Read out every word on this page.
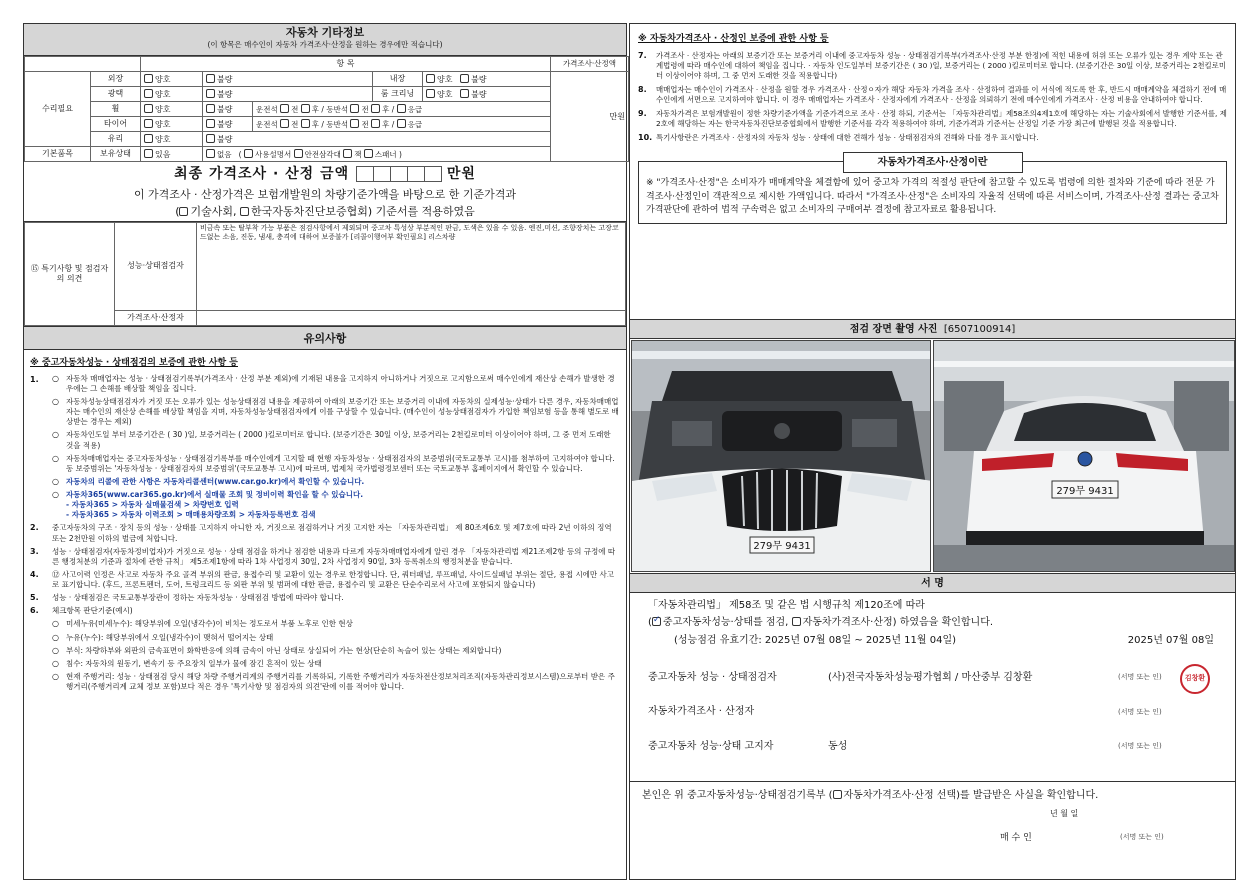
자동차 기타정보
(이 항목은 매수인이 자동차 가격조사·산정을 원하는 경우에만 적습니다)
		항 목					가격조사·산정액
수리필요	외장	양호	불량		내장	양호 불량	만원
	광택	양호	불량		룸 크리닝	양호 불량	
	휠	양호	불량	운전석 전 후 / 동반석 전 후 / 응급			
	타이어	양호	불량	운전석 전 후 / 동반석 전 후 / 응급			
	유리	양호	불량				
기본품목	보유상태	있음	없음   ( 사용설명서 안전삼각대 잭 스패너 )				
최종 가격조사 · 산정 금액	만원
이 가격조사 · 산정가격은 보험개발원의 차량기준가액을 바탕으로 한 기준가격과
( 기술사회, 한국자동차진단보증협회) 기준서를 적용하였음
⑮ 특기사항 및 점검자의 의견	성능·상태점검자	비금속 또는 탈부착 가능 부품은 점검사항에서 제외되며 중고차 특성상 부분적인 판금, 도색은 있을 수 있음. 엔진,미션, 조향장치는 고장코드없는 소음, 진동, 냄새, 충격에 대하여 보증불가 [리콜이행여부 확인필요] 리스차량
	가격조사·산정자	
유의사항
※ 중고자동차성능 · 상태점검의 보증에 관한 사항 등
1.	○ 자동차 매매업자는 성능 · 상태점검기록부(가격조사 · 산정 부분 제외)에 기재된 내용을 고지하지 아니하거나 거짓으로 고지함으로써 매수인에게 재산상 손해가 발생한 경우에는 그 손해를 배상할 책임을 집니다.
○ 자동차성능상태점검자가 거짓 또는 오류가 있는 성능상태점검 내용을 제공하여 아래의 보증기간 또는 보증거리 이내에 자동차의 실제성능·상태가 다른 경우, 자동차매매업자는 매수인의 재산상 손해를 배상할 책임을 지며, 자동차성능상태점검자에게 이를 구상할 수 있습니다. (매수인이 성능상태점검자가 가입한 책임보험 등을 통해 별도로 배상받는 경우는 제외)
○ 자동차인도일 부터 보증기간은 ( 30 )일, 보증거리는 ( 2000 )킬로미터로 합니다. (보증기간은 30일 이상, 보증거리는 2천킬로미터 이상이어야 하며, 그 중 먼저 도래한 것을 적용)
○ 자동차매매업자는 중고자동차성능 · 상태점검기록부를 매수인에게 고지할 때 현행 자동차성능 · 상태점검자의 보증범위(국토교통부 고시)를 첨부하여 고지하여야 합니다. 동 보증범위는 '자동차성능 · 상태점검자의 보증범위'(국토교통부 고시)에 따르며, 법제처 국가법령정보센터 또는 국토교통부 홈페이지에서 확인할 수 있습니다.
○ 자동차의 리콜에 관한 사항은 자동차리콜센터(www.car.go.kr)에서 확인할 수 있습니다.
○ 자동차365(www.car365.go.kr)에서 실매물 조회 및 정비이력 확인을 할 수 있습니다.
- 자동차365 > 자동차 실매물검색 > 차량번호 입력
- 자동차365 > 자동차 이력조회 > 매매용차량조회 > 자동차등록번호 검색
2.	중고자동차의 구조 · 장치 등의 성능 · 상태를 고지하지 아니한 자, 거짓으로 점검하거나 거짓 고지한 자는 「자동차관리법」 제 80조제6호 및 제7호에 따라 2년 이하의 징역 또는 2천만원 이하의 벌금에 처합니다.
3.	성능 · 상태점검자(자동차정비업자)가 거짓으로 성능 · 상태 점검을 하거나 점검한 내용과 다르게 자동차매매업자에게 알린 경우 「자동차관리법 제21조제2항 등의 규정에 따른 행정처분의 기준과 절차에 관한 규칙」 제5조제1항에 따라 1차 사업정지 30일, 2차 사업정지 90일, 3차 등록취소의 행정처분을 받습니다.
4.	⑫ 사고이력 인정은 사고로 자동차 주요 골격 부위의 판금, 용접수리 및 교환이 있는 경우로 한정합니다. 단, 쿼터패널, 루프패널, 사이드실패널 부위는 절단, 용접 시에만 사고로 표기합니다. (후드, 프론트펜더, 도어, 트렁크리드 등 외판 부위 및 범퍼에 대한 판금, 용접수리 및 교환은 단순수리로서 사고에 포함되지 않습니다)
5.	성능 · 상태점검은 국토교통부장관이 정하는 자동차성능 · 상태점검 방법에 따라야 합니다.
6.	체크항목 판단기준(예시)
○ 미세누유(미세누수): 해당부위에 오일(냉각수)이 비치는 정도로서 부품 노후로 인한 현상
○ 누유(누수): 해당부위에서 오일(냉각수)이 맺혀서 떨어지는 상태
○ 부식: 차량하부와 외판의 금속표면이 화학반응에 의해 금속이 아닌 상태로 상실되어 가는 현상(단순히 녹슬어 있는 상태는 제외합니다)
○ 침수: 자동차의 원동기, 변속기 등 주요장치 일부가 물에 잠긴 흔적이 있는 상태
○ 현재 주행거리: 성능 · 상태점검 당시 해당 차량 주행거리계의 주행거리를 기록하되, 기록한 주행거리가 자동차전산정보처리조직(자동차관리정보시스템)으로부터 받은 주행거리(주행거리계 교체 정보 포함)보다 적은 경우 '특기사항 및 점검자의 의견'란에 이를 적어야 합니다.
※ 자동차가격조사 · 산정인 보증에 관한 사항 등
7.	가격조사 · 산정자는 아래의 보증기간 또는 보증거리 이내에 중고자동차 성능 · 상태점검기록부(가격조사·산정 부분 한정)에 적힌 내용에 허위 또는 오류가 있는 경우 계약 또는 관계법령에 따라 매수인에 대하여 책임을 집니다. · 자동차 인도일부터 보증기간은 ( 30 )일, 보증거리는 ( 2000 )킬로미터로 합니다. (보증기간은 30일 이상, 보증거리는 2천킬로미터 이상이어야 하며, 그 중 먼저 도래한 것을 적용합니다)
8.	매매업자는 매수인이 가격조사 · 산정을 원할 경우 가격조사 · 산정ㅇ자가 해당 자동차 가격을 조사 · 산정하여 결과를 이 서식에 적도록 한 후, 반드시 매매계약을 체결하기 전에 매수인에게 서면으로 고지하여야 합니다. 이 경우 매매업자는 가격조사 · 산정자에게 가격조사 · 산정을 의뢰하기 전에 매수인에게 가격조사 · 산정 비용을 안내하여야 합니다.
9.	자동차가격은 보험개발원이 정한 차량기준가액을 기준가격으로 조사 · 산정 하되, 기준서는 「자동차관리법」제58조의4제1호에 해당하는 자는 기술사회에서 발행한 기준서를, 제2호에 해당하는 자는 한국자동차진단보증협회에서 발행한 기준서를 각각 적용하여야 하며, 기준가격과 기준서는 산정일 기준 가장 최근에 발행된 것을 적용합니다.
10. 특기사항란은 가격조사 · 산정자의 자동차 성능 · 상태에 대한 견해가 성능 · 상태점검자의 견해와 다를 경우 표시합니다.
자동차가격조사·산정이란
※ "가격조사·산정"은 소비자가 매매계약을 체결함에 있어 중고차 가격의 적절성 판단에 참고할 수 있도록 법령에 의한 절차와 기준에 따라 전문 가격조사·산정인이 객관적으로 제시한 가액입니다. 따라서 "가격조사·산정"은 소비자의 자율적 선택에 따른 서비스이며, 가격조사·산정 결과는 중고차 가격판단에 관하여 법적 구속력은 없고 소비자의 구매여부 결정에 참고자료로 활용됩니다.
점검 장면 촬영 사진 [6507100914]
279무 9431
279무 9431
서 명
「자동차관리법」 제58조 및 같은 법 시행규칙 제120조에 따라
( ✓ 중고자동차성능·상태를 점검, 자동차가격조사·산정) 하였음을 확인합니다.
(성능점검 유효기간: 2025년 07월 08일 ~ 2025년 11월 04일)	2025년 07월 08일
중고자동차 성능 · 상태점검자	(사)전국자동차성능평가협회 / 마산중부 김창환	(서명 또는 인)	김창환
자동차가격조사 · 산정자	(서명 또는 인)
중고자동차 성능·상태 고지자	동성	(서명 또는 인)
본인은 위 중고자동차성능·상태점검기록부 ( 자동차가격조사·산정 선택)를 발급받은 사실을 확인합니다.
년 월 일
매 수 인	(서명 또는 인)
